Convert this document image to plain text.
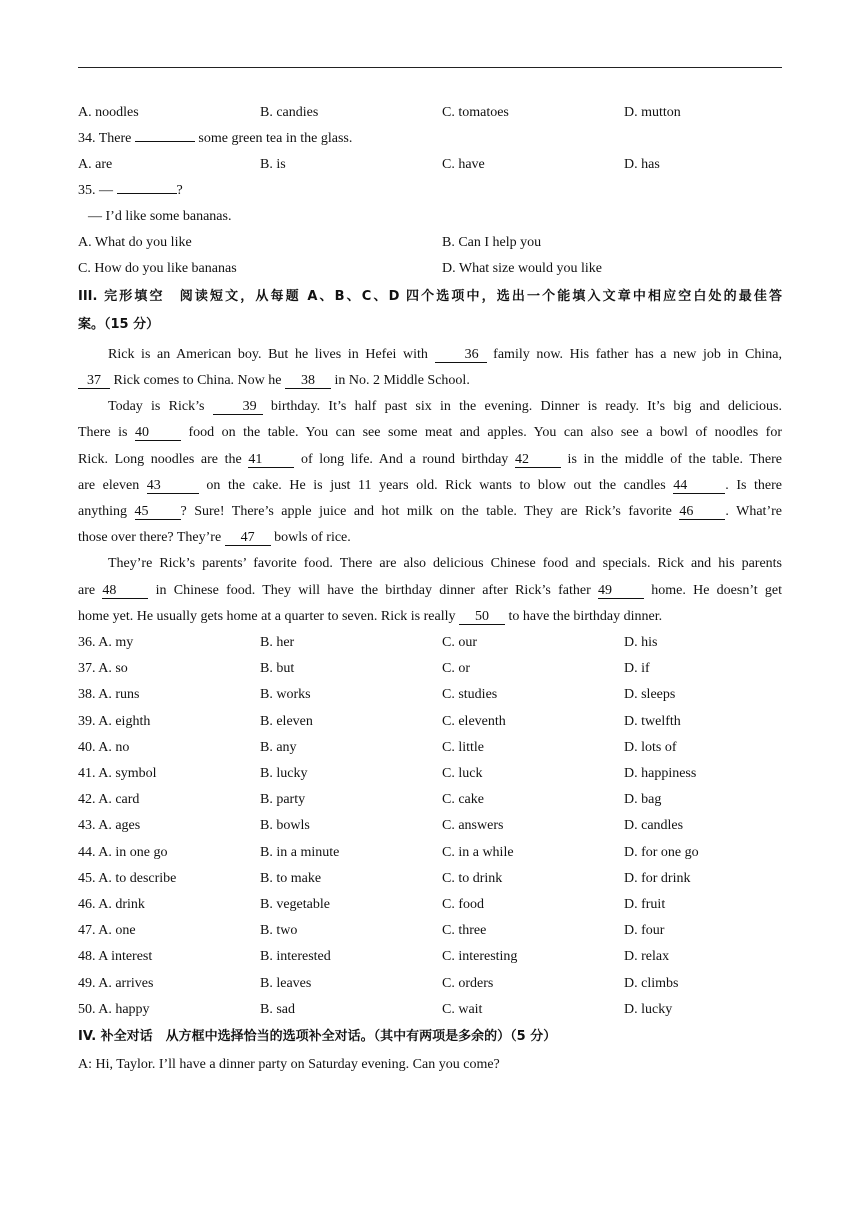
A. noodles	B. candies	C. tomatoes	D. mutton
34. There	some green tea in the glass.
A. are	B. is	C. have	D. has
35. —	?
— I’d like some bananas.
A. What do you like	B. Can I help you
C. How do you like bananas	D. What size would you like
III. 完形填空　阅读短文，从每题 A、B、C、D 四个选项中，选出一个能填入文章中相应空白处的最佳答
案。（15 分）
Rick is an American boy. But he lives in Hefei with 36 family now. His father has a new job in China,
37 Rick comes to China. Now he 38 in No. 2 Middle School.
Today is Rick’s 39 birthday. It’s half past six in the evening. Dinner is ready. It’s big and delicious.
There is 40 food on the table. You can see some meat and apples. You can also see a bowl of noodles for
Rick. Long noodles are the 41 of long life. And a round birthday 42 is in the middle of the table. There
are eleven 43	on the cake. He is just 11 years old. Rick wants to blow out the candles 44	. Is there
anything 45 ? Sure! There’s apple juice and hot milk on the table. They are Rick’s favorite 46 . What’re
those over there? They’re 47 bowls of rice.
They’re Rick’s parents’ favorite food. There are also delicious Chinese food and specials. Rick and his parents
are 48 in Chinese food. They will have the birthday dinner after Rick’s father 49 home. He doesn’t get
home yet. He usually gets home at a quarter to seven. Rick is really 50 to have the birthday dinner.
36. A. my	B. her	C. our	D. his
37. A. so	B. but	C. or	D. if
38. A. runs	B. works	C. studies	D. sleeps
39. A. eighth	B. eleven	C. eleventh	D. twelfth
40. A. no	B. any	C. little	D. lots of
41. A. symbol	B. lucky	C. luck	D. happiness
42. A. card	B. party	C. cake	D. bag
43. A. ages	B. bowls	C. answers	D. candles
44. A. in one go	B. in a minute	C. in a while	D. for one go
45. A. to describe	B. to make	C. to drink	D. for drink
46. A. drink	B. vegetable	C. food	D. fruit
47. A. one	B. two	C. three	D. four
48. A interest	B. interested	C. interesting	D. relax
49. A. arrives	B. leaves	C. orders	D. climbs
50. A. happy	B. sad	C. wait	D. lucky
IV. 补全对话　从方框中选择恰当的选项补全对话。（其中有两项是多余的）（5 分）
A: Hi, Taylor. I’ll have a dinner party on Saturday evening. Can you come?
